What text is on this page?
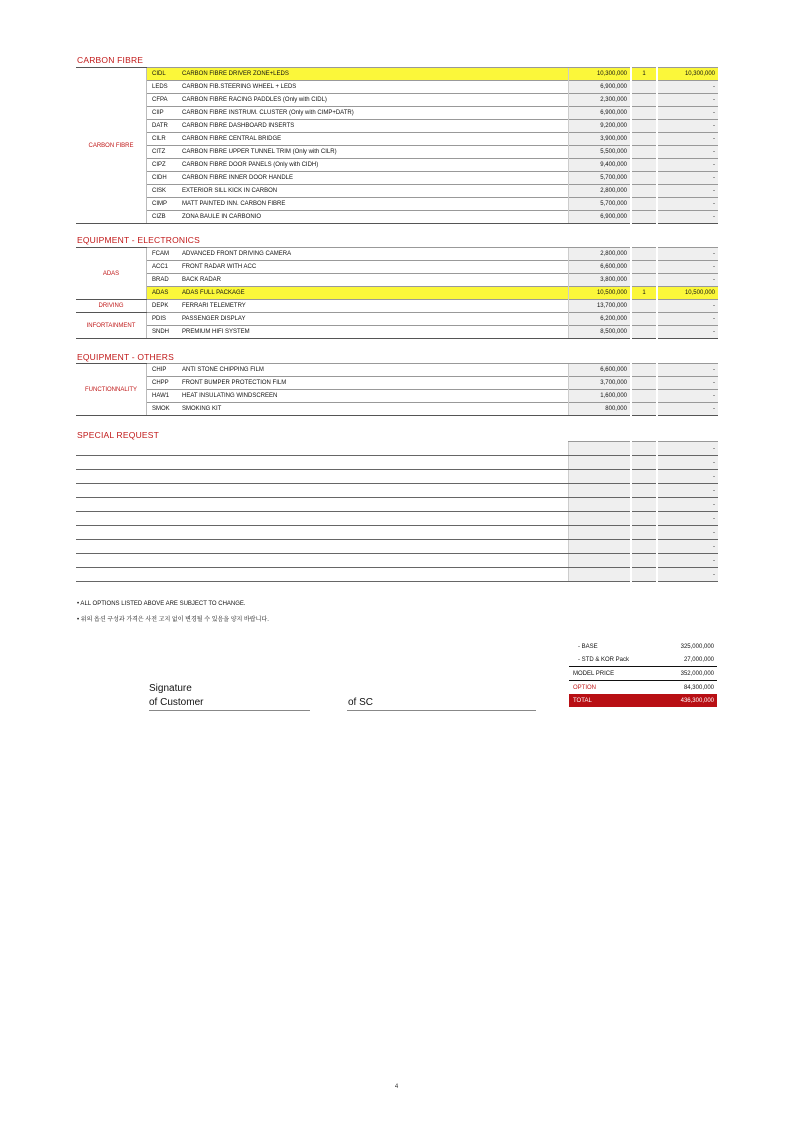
CARBON FIBRE
CARBON FIBRE	CIDL	CARBON FIBRE DRIVER ZONE+LEDS	10,300,000	1	10,300,000
	LEDS	CARBON FIB.STEERING WHEEL + LEDS	6,900,000		-
	CFPA	CARBON FIBRE RACING PADDLES (Only with CIDL)	2,300,000		-
	CIIP	CARBON FIBRE INSTRUM. CLUSTER (Only with CIMP+DATR)	6,900,000		-
	DATR	CARBON FIBRE DASHBOARD INSERTS	9,200,000		-
	CILR	CARBON FIBRE CENTRAL BRIDGE	3,900,000		-
	CITZ	CARBON FIBRE UPPER TUNNEL TRIM (Only with CILR)	5,500,000		-
	CIPZ	CARBON FIBRE DOOR PANELS (Only with CIDH)	9,400,000		-
	CIDH	CARBON FIBRE INNER DOOR HANDLE	5,700,000		-
	CISK	EXTERIOR SILL KICK IN CARBON	2,800,000		-
	CIMP	MATT PAINTED INN. CARBON FIBRE	5,700,000		-
	CIZB	ZONA BAULE IN CARBONIO	6,900,000		-
EQUIPMENT - ELECTRONICS
ADAS	FCAM	ADVANCED FRONT DRIVING CAMERA	2,800,000		-
	ACC1	FRONT RADAR WITH ACC	6,600,000		-
	BRAD	BACK RADAR	3,800,000		-
	ADAS	ADAS FULL PACKAGE	10,500,000	1	10,500,000
DRIVING	DEPK	FERRARI TELEMETRY	13,700,000		-
INFORTAINMENT	PDIS	PASSENGER DISPLAY	6,200,000		-
	SNDH	PREMIUM HIFI SYSTEM	8,500,000		-
EQUIPMENT - OTHERS
FUNCTIONNALITY	CHIP	ANTI STONE CHIPPING FILM	6,600,000		-
	CHPP	FRONT BUMPER PROTECTION FILM	3,700,000		-
	HAW1	HEAT INSULATING WINDSCREEN	1,600,000		-
	SMOK	SMOKING KIT	800,000		-
SPECIAL REQUEST
			-
			-
			-
			-
			-
			-
			-
			-
			-
			-
• ALL OPTIONS LISTED ABOVE ARE SUBJECT TO CHANGE.
• 위의 옵션 구성과 가격은 사전 고지 없이 변경될 수 있음을 양지 바랍니다.
Signature
of Customer	of SC
- BASE	325,000,000
- STD & KOR Pack	27,000,000
MODEL PRICE	352,000,000
OPTION	84,300,000
TOTAL	436,300,000
4
